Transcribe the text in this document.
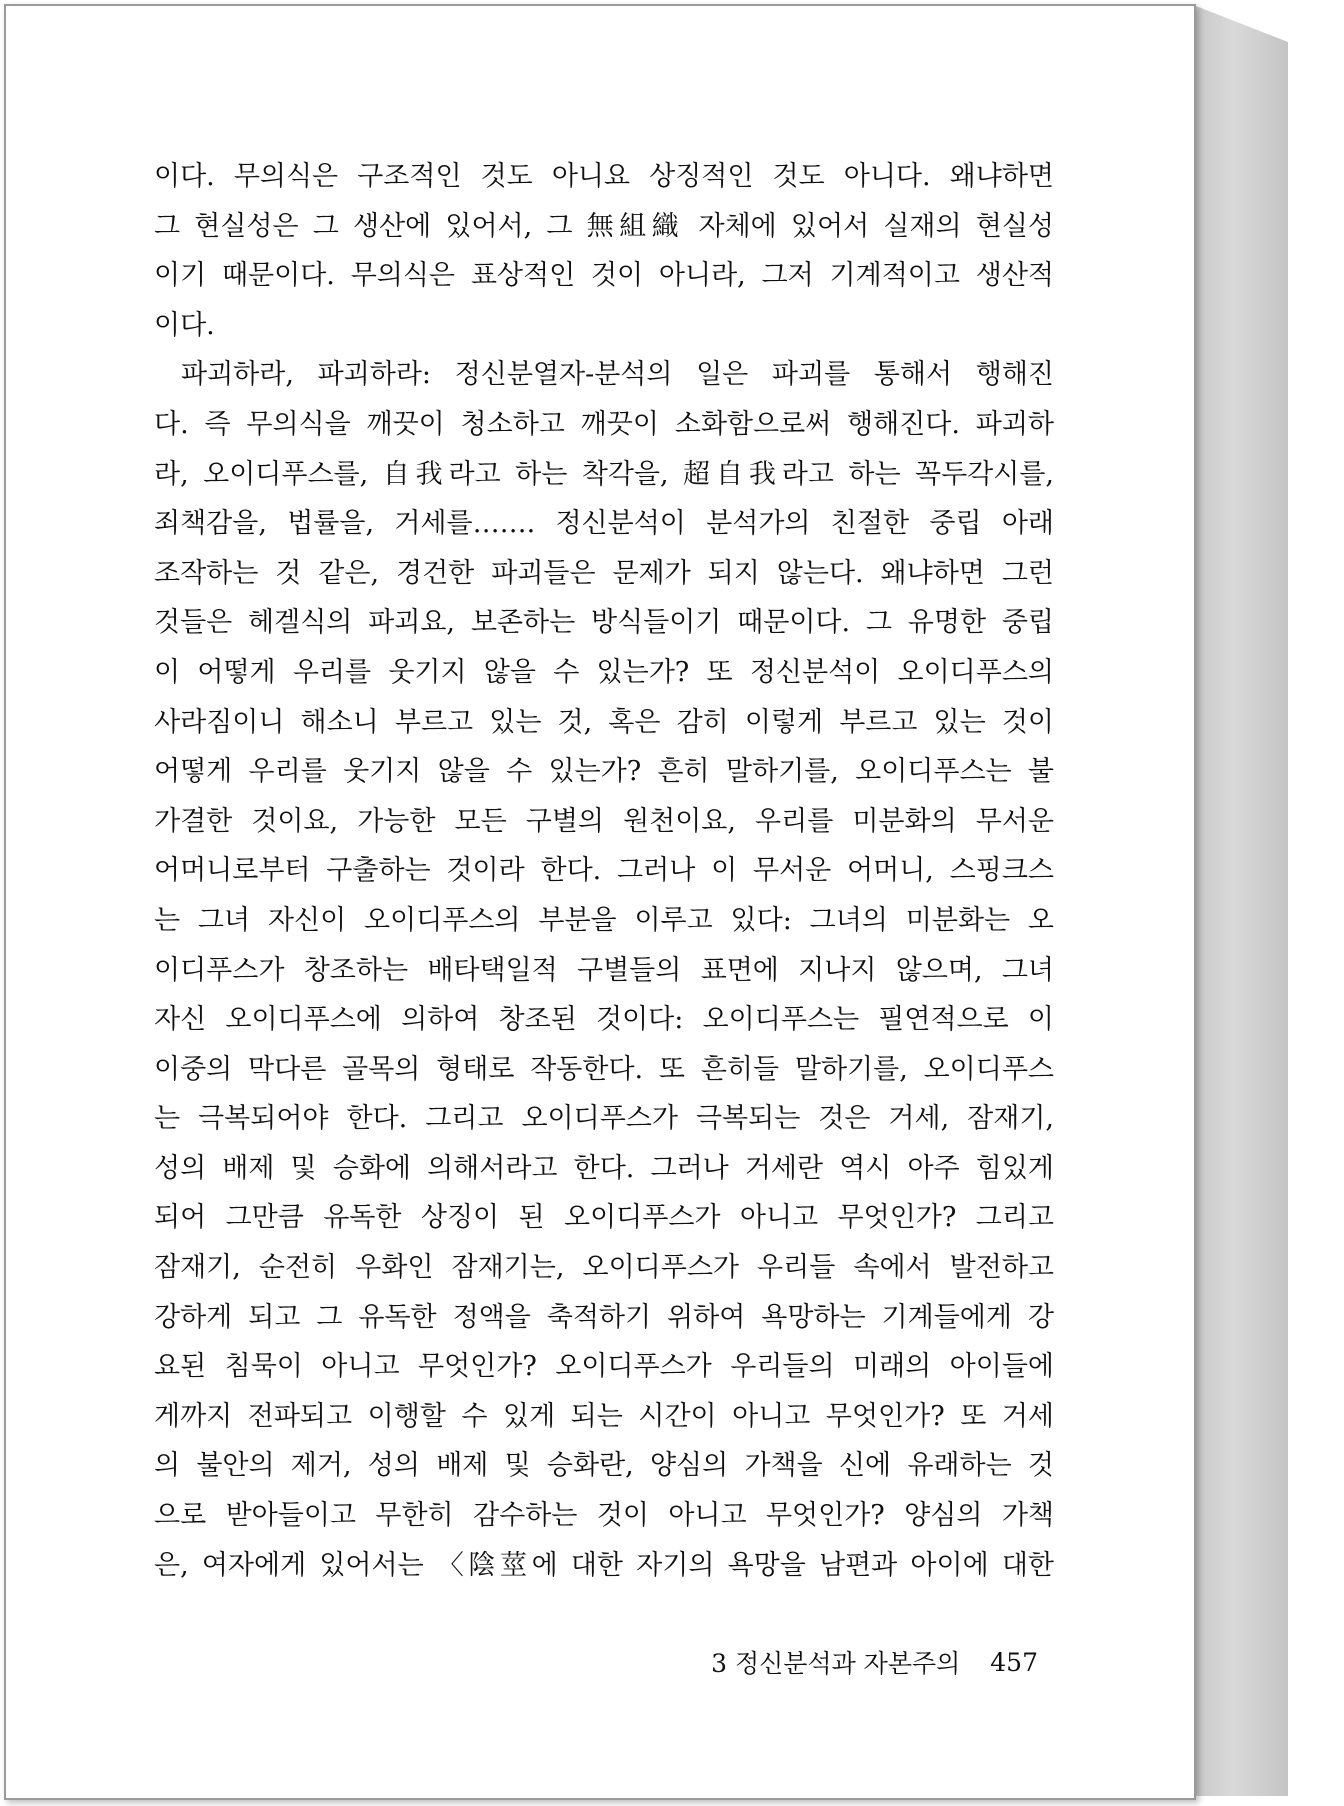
이다. 무의식은 구조적인 것도 아니요 상징적인 것도 아니다. 왜냐하면
그 현실성은 그 생산에 있어서, 그 無組織 자체에 있어서 실재의 현실성
이기 때문이다. 무의식은 표상적인 것이 아니라, 그저 기계적이고 생산적
이다.
파괴하라, 파괴하라: 정신분열자-분석의 일은 파괴를 통해서 행해진
다. 즉 무의식을 깨끗이 청소하고 깨끗이 소화함으로써 행해진다. 파괴하
라, 오이디푸스를, 自我라고 하는 착각을, 超自我라고 하는 꼭두각시를,
죄책감을, 법률을, 거세를……. 정신분석이 분석가의 친절한 중립 아래
조작하는 것 같은, 경건한 파괴들은 문제가 되지 않는다. 왜냐하면 그런
것들은 헤겔식의 파괴요, 보존하는 방식들이기 때문이다. 그 유명한 중립
이 어떻게 우리를 웃기지 않을 수 있는가? 또 정신분석이 오이디푸스의
사라짐이니 해소니 부르고 있는 것, 혹은 감히 이렇게 부르고 있는 것이
어떻게 우리를 웃기지 않을 수 있는가? 흔히 말하기를, 오이디푸스는 불
가결한 것이요, 가능한 모든 구별의 원천이요, 우리를 미분화의 무서운
어머니로부터 구출하는 것이라 한다. 그러나 이 무서운 어머니, 스핑크스
는 그녀 자신이 오이디푸스의 부분을 이루고 있다: 그녀의 미분화는 오
이디푸스가 창조하는 배타택일적 구별들의 표면에 지나지 않으며, 그녀
자신 오이디푸스에 의하여 창조된 것이다: 오이디푸스는 필연적으로 이
이중의 막다른 골목의 형태로 작동한다. 또 흔히들 말하기를, 오이디푸스
는 극복되어야 한다. 그리고 오이디푸스가 극복되는 것은 거세, 잠재기,
성의 배제 및 승화에 의해서라고 한다. 그러나 거세란 역시 아주 힘있게
되어 그만큼 유독한 상징이 된 오이디푸스가 아니고 무엇인가? 그리고
잠재기, 순전히 우화인 잠재기는, 오이디푸스가 우리들 속에서 발전하고
강하게 되고 그 유독한 정액을 축적하기 위하여 욕망하는 기계들에게 강
요된 침묵이 아니고 무엇인가? 오이디푸스가 우리들의 미래의 아이들에
게까지 전파되고 이행할 수 있게 되는 시간이 아니고 무엇인가? 또 거세
의 불안의 제거, 성의 배제 및 승화란, 양심의 가책을 신에 유래하는 것
으로 받아들이고 무한히 감수하는 것이 아니고 무엇인가? 양심의 가책
은, 여자에게 있어서는 〈陰莖에 대한 자기의 욕망을 남편과 아이에 대한
3 정신분석과 자본주의 457
